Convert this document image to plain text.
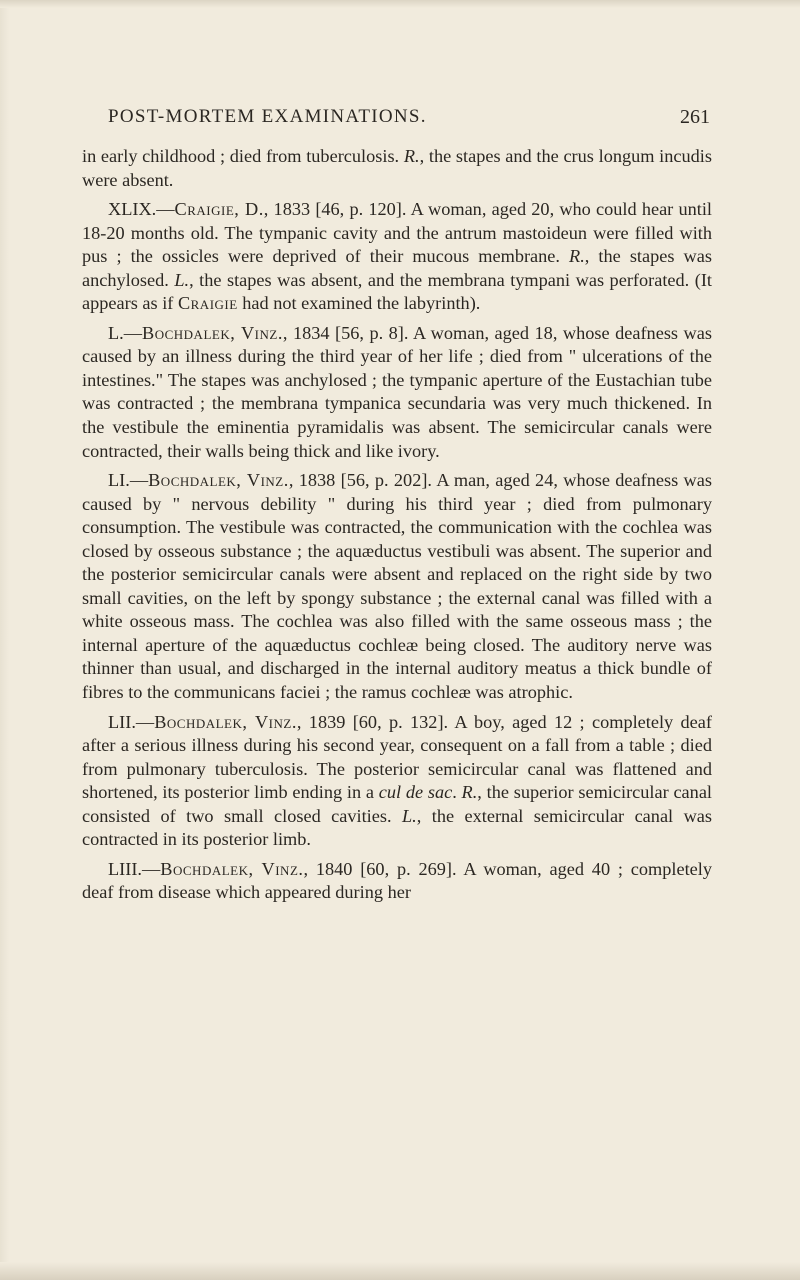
POST-MORTEM EXAMINATIONS.	261

in early childhood ; died from tuberculosis. R., the stapes and the crus longum incudis were absent.

XLIX.—Craigie, D., 1833 [46, p. 120]. A woman, aged 20, who could hear until 18-20 months old. The tympanic cavity and the antrum mastoideun were filled with pus ; the ossicles were deprived of their mucous membrane. R., the stapes was anchylosed. L., the stapes was absent, and the membrana tympani was perforated. (It appears as if Craigie had not examined the labyrinth).

L.—Bochdalek, Vinz., 1834 [56, p. 8]. A woman, aged 18, whose deafness was caused by an illness during the third year of her life ; died from " ulcerations of the intestines." The stapes was anchylosed ; the tympanic aperture of the Eustachian tube was contracted ; the membrana tympanica secundaria was very much thickened. In the vestibule the eminentia pyramidalis was absent. The semicircular canals were contracted, their walls being thick and like ivory.

LI.—Bochdalek, Vinz., 1838 [56, p. 202]. A man, aged 24, whose deafness was caused by " nervous debility " during his third year ; died from pulmonary consumption. The vestibule was contracted, the communication with the cochlea was closed by osseous substance ; the aquæductus vestibuli was absent. The superior and the posterior semicircular canals were absent and replaced on the right side by two small cavities, on the left by spongy substance ; the external canal was filled with a white osseous mass. The cochlea was also filled with the same osseous mass ; the internal aperture of the aquæductus cochleæ being closed. The auditory nerve was thinner than usual, and discharged in the internal auditory meatus a thick bundle of fibres to the communicans faciei ; the ramus cochleæ was atrophic.

LII.—Bochdalek, Vinz., 1839 [60, p. 132]. A boy, aged 12 ; completely deaf after a serious illness during his second year, consequent on a fall from a table ; died from pulmonary tuberculosis. The posterior semicircular canal was flattened and shortened, its posterior limb ending in a cul de sac. R., the superior semicircular canal consisted of two small closed cavities. L., the external semicircular canal was contracted in its posterior limb.

LIII.—Bochdalek, Vinz., 1840 [60, p. 269]. A woman, aged 40 ; completely deaf from disease which appeared during her
